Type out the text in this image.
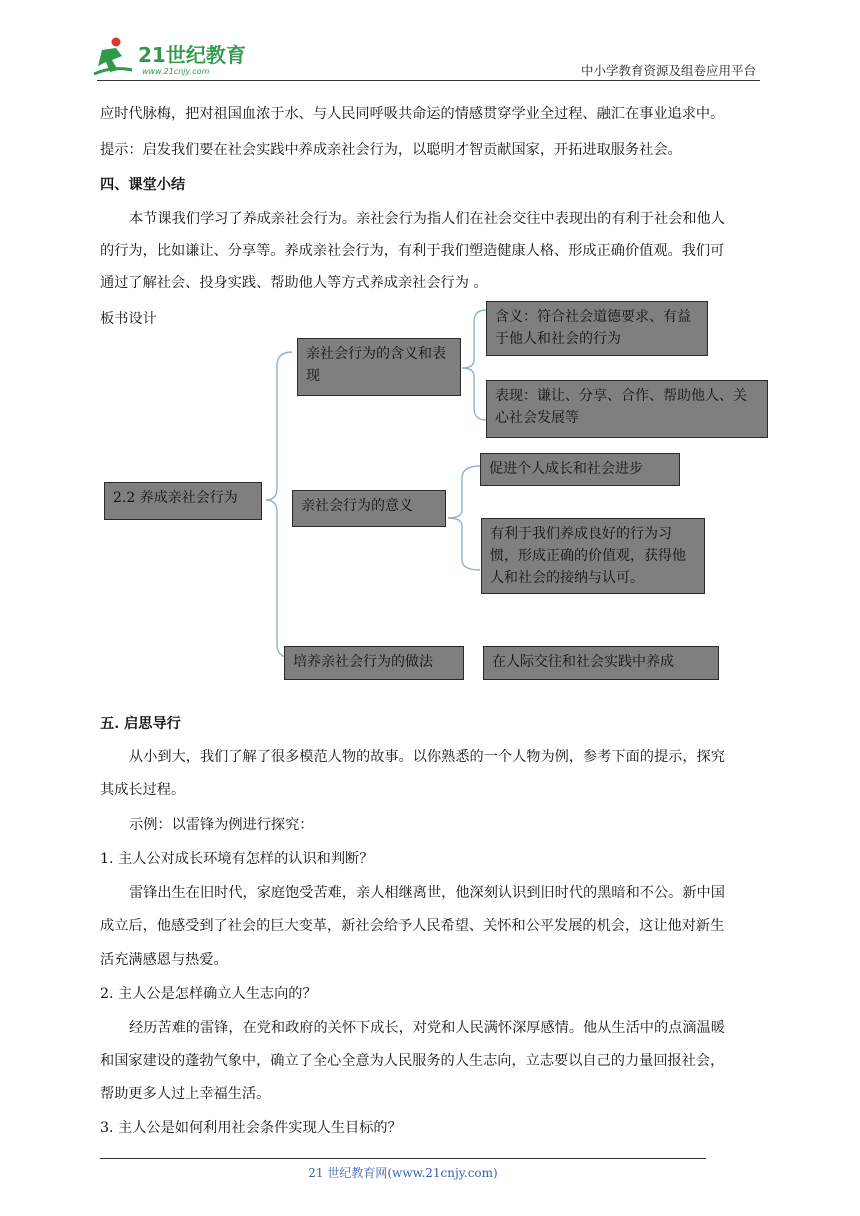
21世纪教育
www.21cnjy.com	中小学教育资源及组卷应用平台
应时代脉梅，把对祖国血浓于水、与人民同呼吸共命运的情感贯穿学业全过程、融汇在事业追求中。
提示：启发我们要在社会实践中养成亲社会行为，以聪明才智贡献国家，开拓进取服务社会。
四、课堂小结
本节课我们学习了养成亲社会行为。亲社会行为指人们在社会交往中表现出的有利于社会和他人
的行为，比如谦让、分享等。养成亲社会行为，有利于我们塑造健康人格、形成正确价值观。我们可
通过了解社会、投身实践、帮助他人等方式养成亲社会行为 。
板书设计
2.2 养成亲社会行为
亲社会行为的含义和表现
含义：符合社会道德要求、有益于他人和社会的行为
表现：谦让、分享、合作、帮助他人、关心社会发展等
亲社会行为的意义
促进个人成长和社会进步
有利于我们养成良好的行为习惯，形成正确的价值观，获得他人和社会的接纳与认可。
培养亲社会行为的做法	在人际交往和社会实践中养成
五. 启思导行
从小到大，我们了解了很多模范人物的故事。以你熟悉的一个人物为例，参考下面的提示，探究
其成长过程。
示例：以雷锋为例进行探究：
1. 主人公对成长环境有怎样的认识和判断？
雷锋出生在旧时代，家庭饱受苦难，亲人相继离世，他深刻认识到旧时代的黑暗和不公。新中国
成立后，他感受到了社会的巨大变革，新社会给予人民希望、关怀和公平发展的机会，这让他对新生
活充满感恩与热爱。
2. 主人公是怎样确立人生志向的？
经历苦难的雷锋，在党和政府的关怀下成长，对党和人民满怀深厚感情。他从生活中的点滴温暖
和国家建设的蓬勃气象中，确立了全心全意为人民服务的人生志向，立志要以自己的力量回报社会，
帮助更多人过上幸福生活。
3. 主人公是如何利用社会条件实现人生目标的？
21 世纪教育网(www.21cnjy.com)
